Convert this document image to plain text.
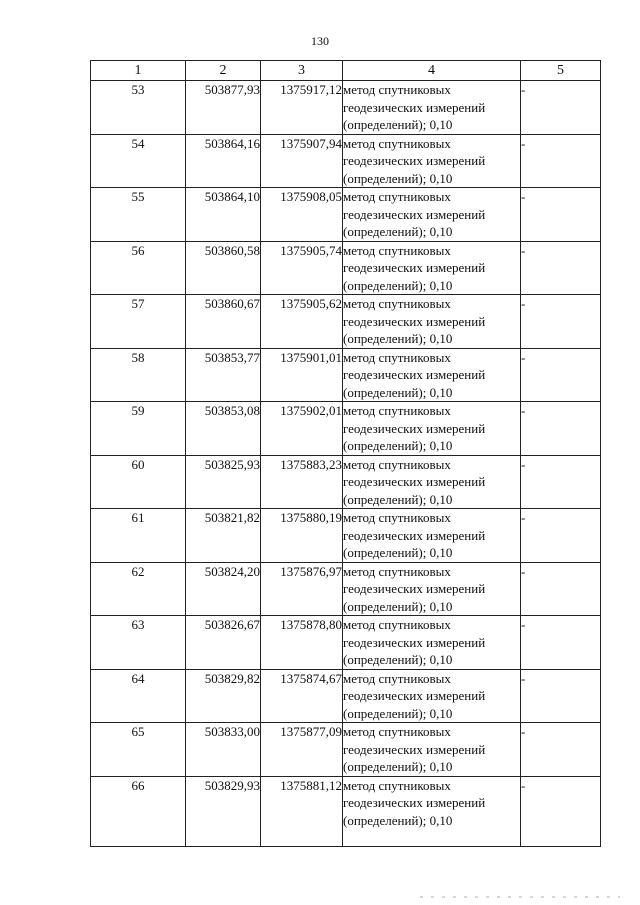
130
1	2	3	4	5
53	503877,93	1375917,12	метод спутниковых
геодезических измерений
(определений); 0,10	-
54	503864,16	1375907,94	метод спутниковых
геодезических измерений
(определений); 0,10	-
55	503864,10	1375908,05	метод спутниковых
геодезических измерений
(определений); 0,10	-
56	503860,58	1375905,74	метод спутниковых
геодезических измерений
(определений); 0,10	-
57	503860,67	1375905,62	метод спутниковых
геодезических измерений
(определений); 0,10	-
58	503853,77	1375901,01	метод спутниковых
геодезических измерений
(определений); 0,10	-
59	503853,08	1375902,01	метод спутниковых
геодезических измерений
(определений); 0,10	-
60	503825,93	1375883,23	метод спутниковых
геодезических измерений
(определений); 0,10	-
61	503821,82	1375880,19	метод спутниковых
геодезических измерений
(определений); 0,10	-
62	503824,20	1375876,97	метод спутниковых
геодезических измерений
(определений); 0,10	-
63	503826,67	1375878,80	метод спутниковых
геодезических измерений
(определений); 0,10	-
64	503829,82	1375874,67	метод спутниковых
геодезических измерений
(определений); 0,10	-
65	503833,00	1375877,09	метод спутниковых
геодезических измерений
(определений); 0,10	-
66	503829,93	1375881,12	метод спутниковых
геодезических измерений
(определений); 0,10	-
